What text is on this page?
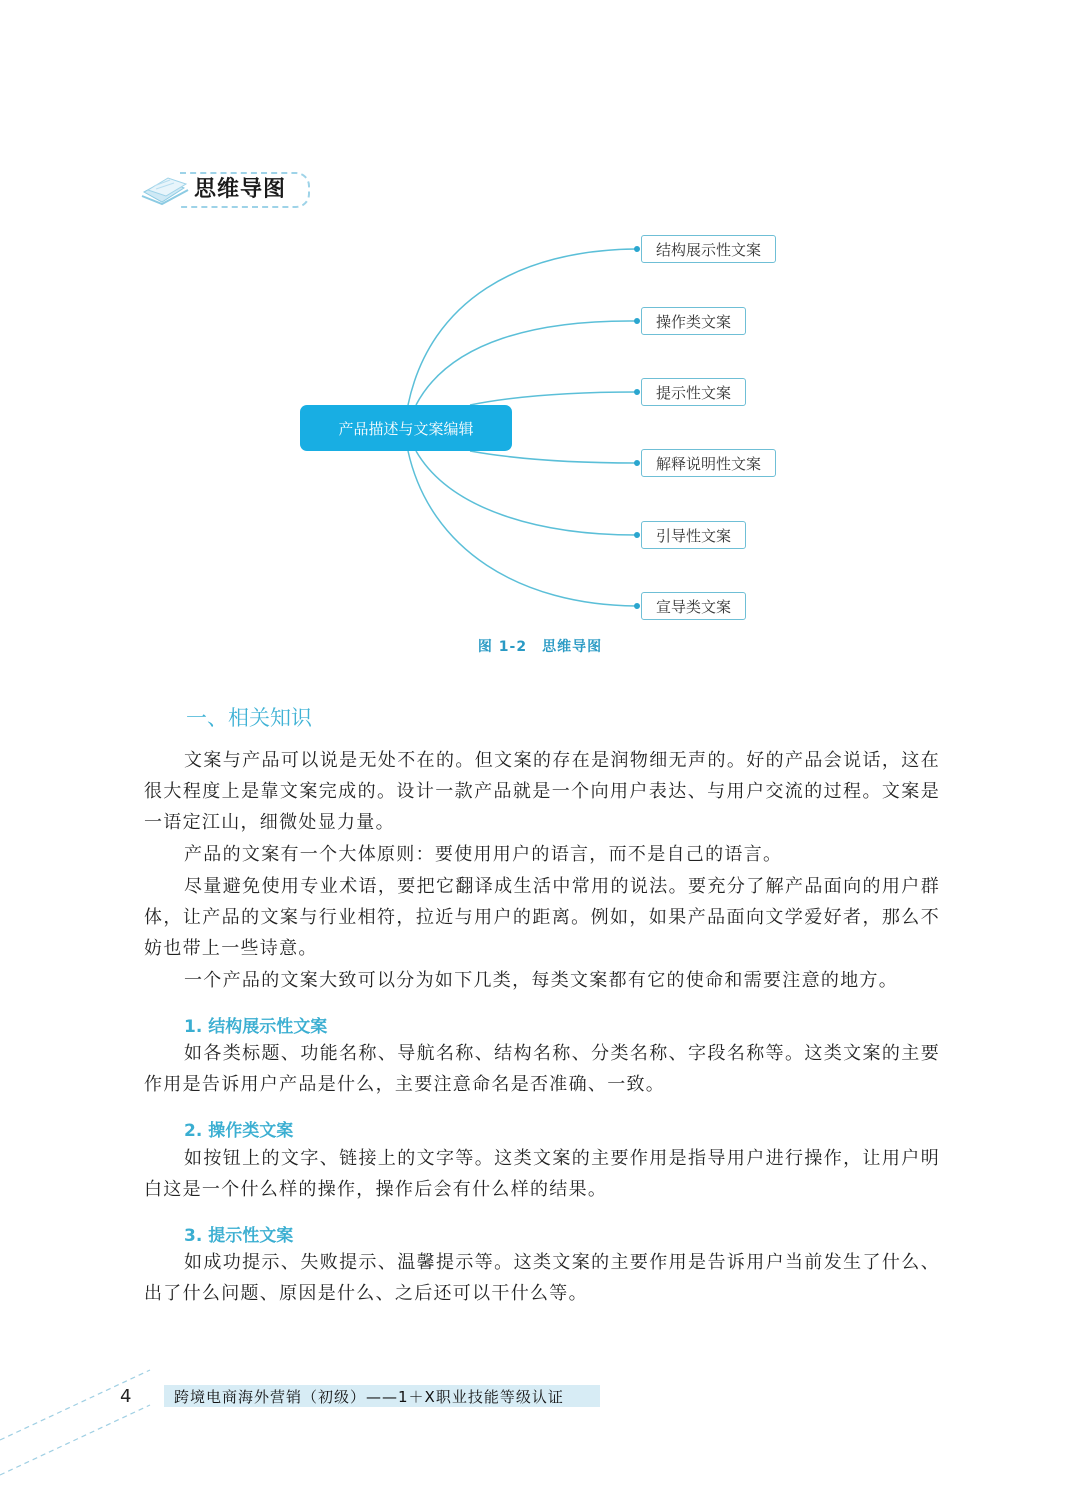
思维导图
产品描述与文案编辑
结构展示性文案
操作类文案
提示性文案
解释说明性文案
引导性文案
宣导类文案
图 1-2　思维导图
一、相关知识

文案与产品可以说是无处不在的。但文案的存在是润物细无声的。好的产品会说话，这在很大程度上是靠文案完成的。设计一款产品就是一个向用户表达、与用户交流的过程。文案是一语定江山，细微处显力量。

产品的文案有一个大体原则：要使用用户的语言，而不是自己的语言。

尽量避免使用专业术语，要把它翻译成生活中常用的说法。要充分了解产品面向的用户群体，让产品的文案与行业相符，拉近与用户的距离。例如，如果产品面向文学爱好者，那么不妨也带上一些诗意。

一个产品的文案大致可以分为如下几类，每类文案都有它的使命和需要注意的地方。

1. 结构展示性文案

如各类标题、功能名称、导航名称、结构名称、分类名称、字段名称等。这类文案的主要作用是告诉用户产品是什么，主要注意命名是否准确、一致。

2. 操作类文案

如按钮上的文字、链接上的文字等。这类文案的主要作用是指导用户进行操作，让用户明白这是一个什么样的操作，操作后会有什么样的结果。

3. 提示性文案

如成功提示、失败提示、温馨提示等。这类文案的主要作用是告诉用户当前发生了什么、出了什么问题、原因是什么、之后还可以干什么等。

4	跨境电商海外营销（初级）——1＋X职业技能等级认证
